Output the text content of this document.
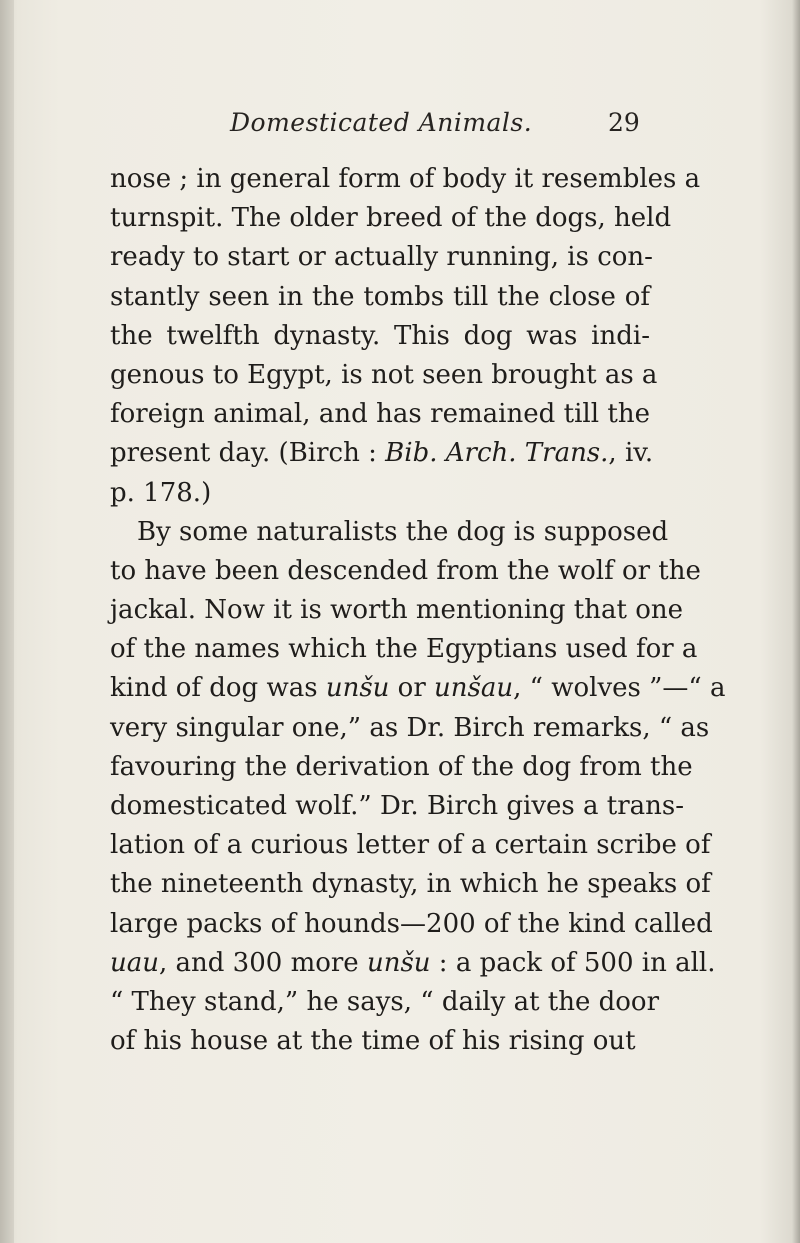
Domesticated Animals.	29
nose ; in general form of body it resembles a
turnspit. The older breed of the dogs, held
ready to start or actually running, is con-
stantly seen in the tombs till the close of
the twelfth dynasty. This dog was indi-
genous to Egypt, is not seen brought as a
foreign animal, and has remained till the
present day. (Birch : Bib. Arch. Trans., iv.
p. 178.)
By some naturalists the dog is supposed
to have been descended from the wolf or the
jackal. Now it is worth mentioning that one
of the names which the Egyptians used for a
kind of dog was unšu or unšau, “ wolves ”—“ a
very singular one,” as Dr. Birch remarks, “ as
favouring the derivation of the dog from the
domesticated wolf.” Dr. Birch gives a trans-
lation of a curious letter of a certain scribe of
the nineteenth dynasty, in which he speaks of
large packs of hounds—200 of the kind called
uau, and 300 more unšu : a pack of 500 in all.
“ They stand,” he says, “ daily at the door
of his house at the time of his rising out
